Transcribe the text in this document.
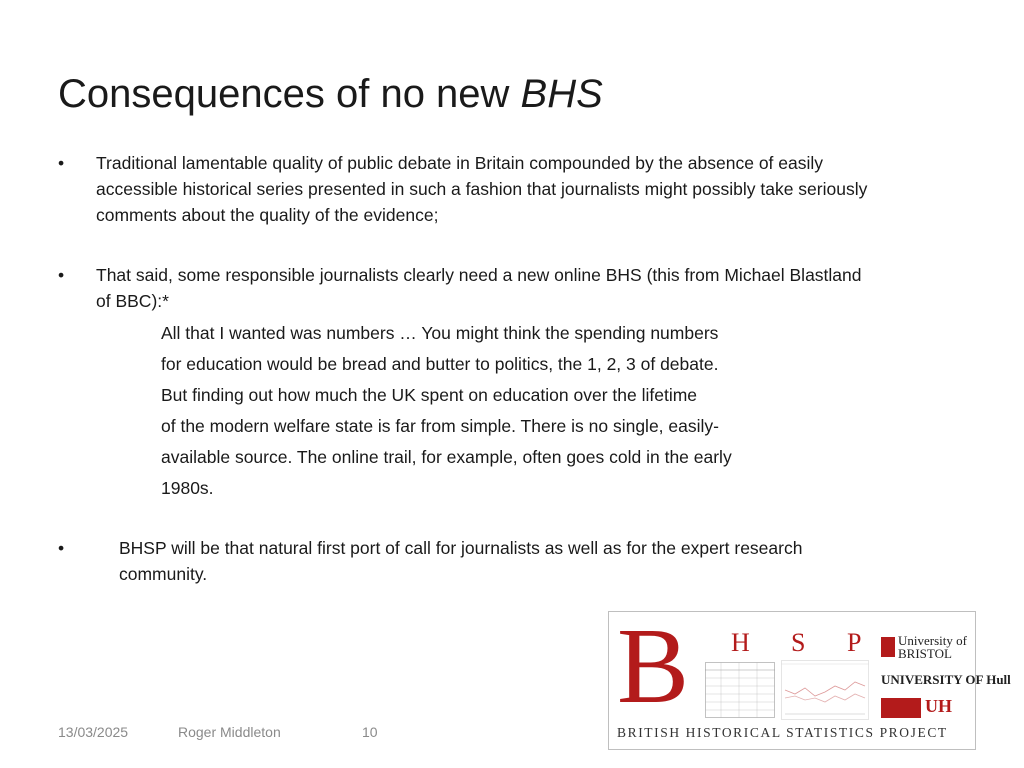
Consequences of no new BHS
• Traditional lamentable quality of public debate in Britain compounded by the absence of easily
accessible historical series presented in such a fashion that journalists might possibly take seriously
comments about the quality of the evidence;
• That said, some responsible journalists clearly need a new online BHS (this from Michael Blastland
of BBC):*
All that I wanted was numbers … You might think the spending numbers
for education would be bread and butter to politics, the 1, 2, 3 of debate.
But finding out how much the UK spent on education over the lifetime
of the modern welfare state is far from simple. There is no single, easily-
available source. The online trail, for example, often goes cold in the early
1980s.
•	BHSP will be that natural first port of call for journalists as well as for the expert research
community.
13/03/2025	Roger Middleton	10
B H S P	University of BRISTOL
UNIVERSITY OF Hull
UH
BRITISH HISTORICAL STATISTICS PROJECT
